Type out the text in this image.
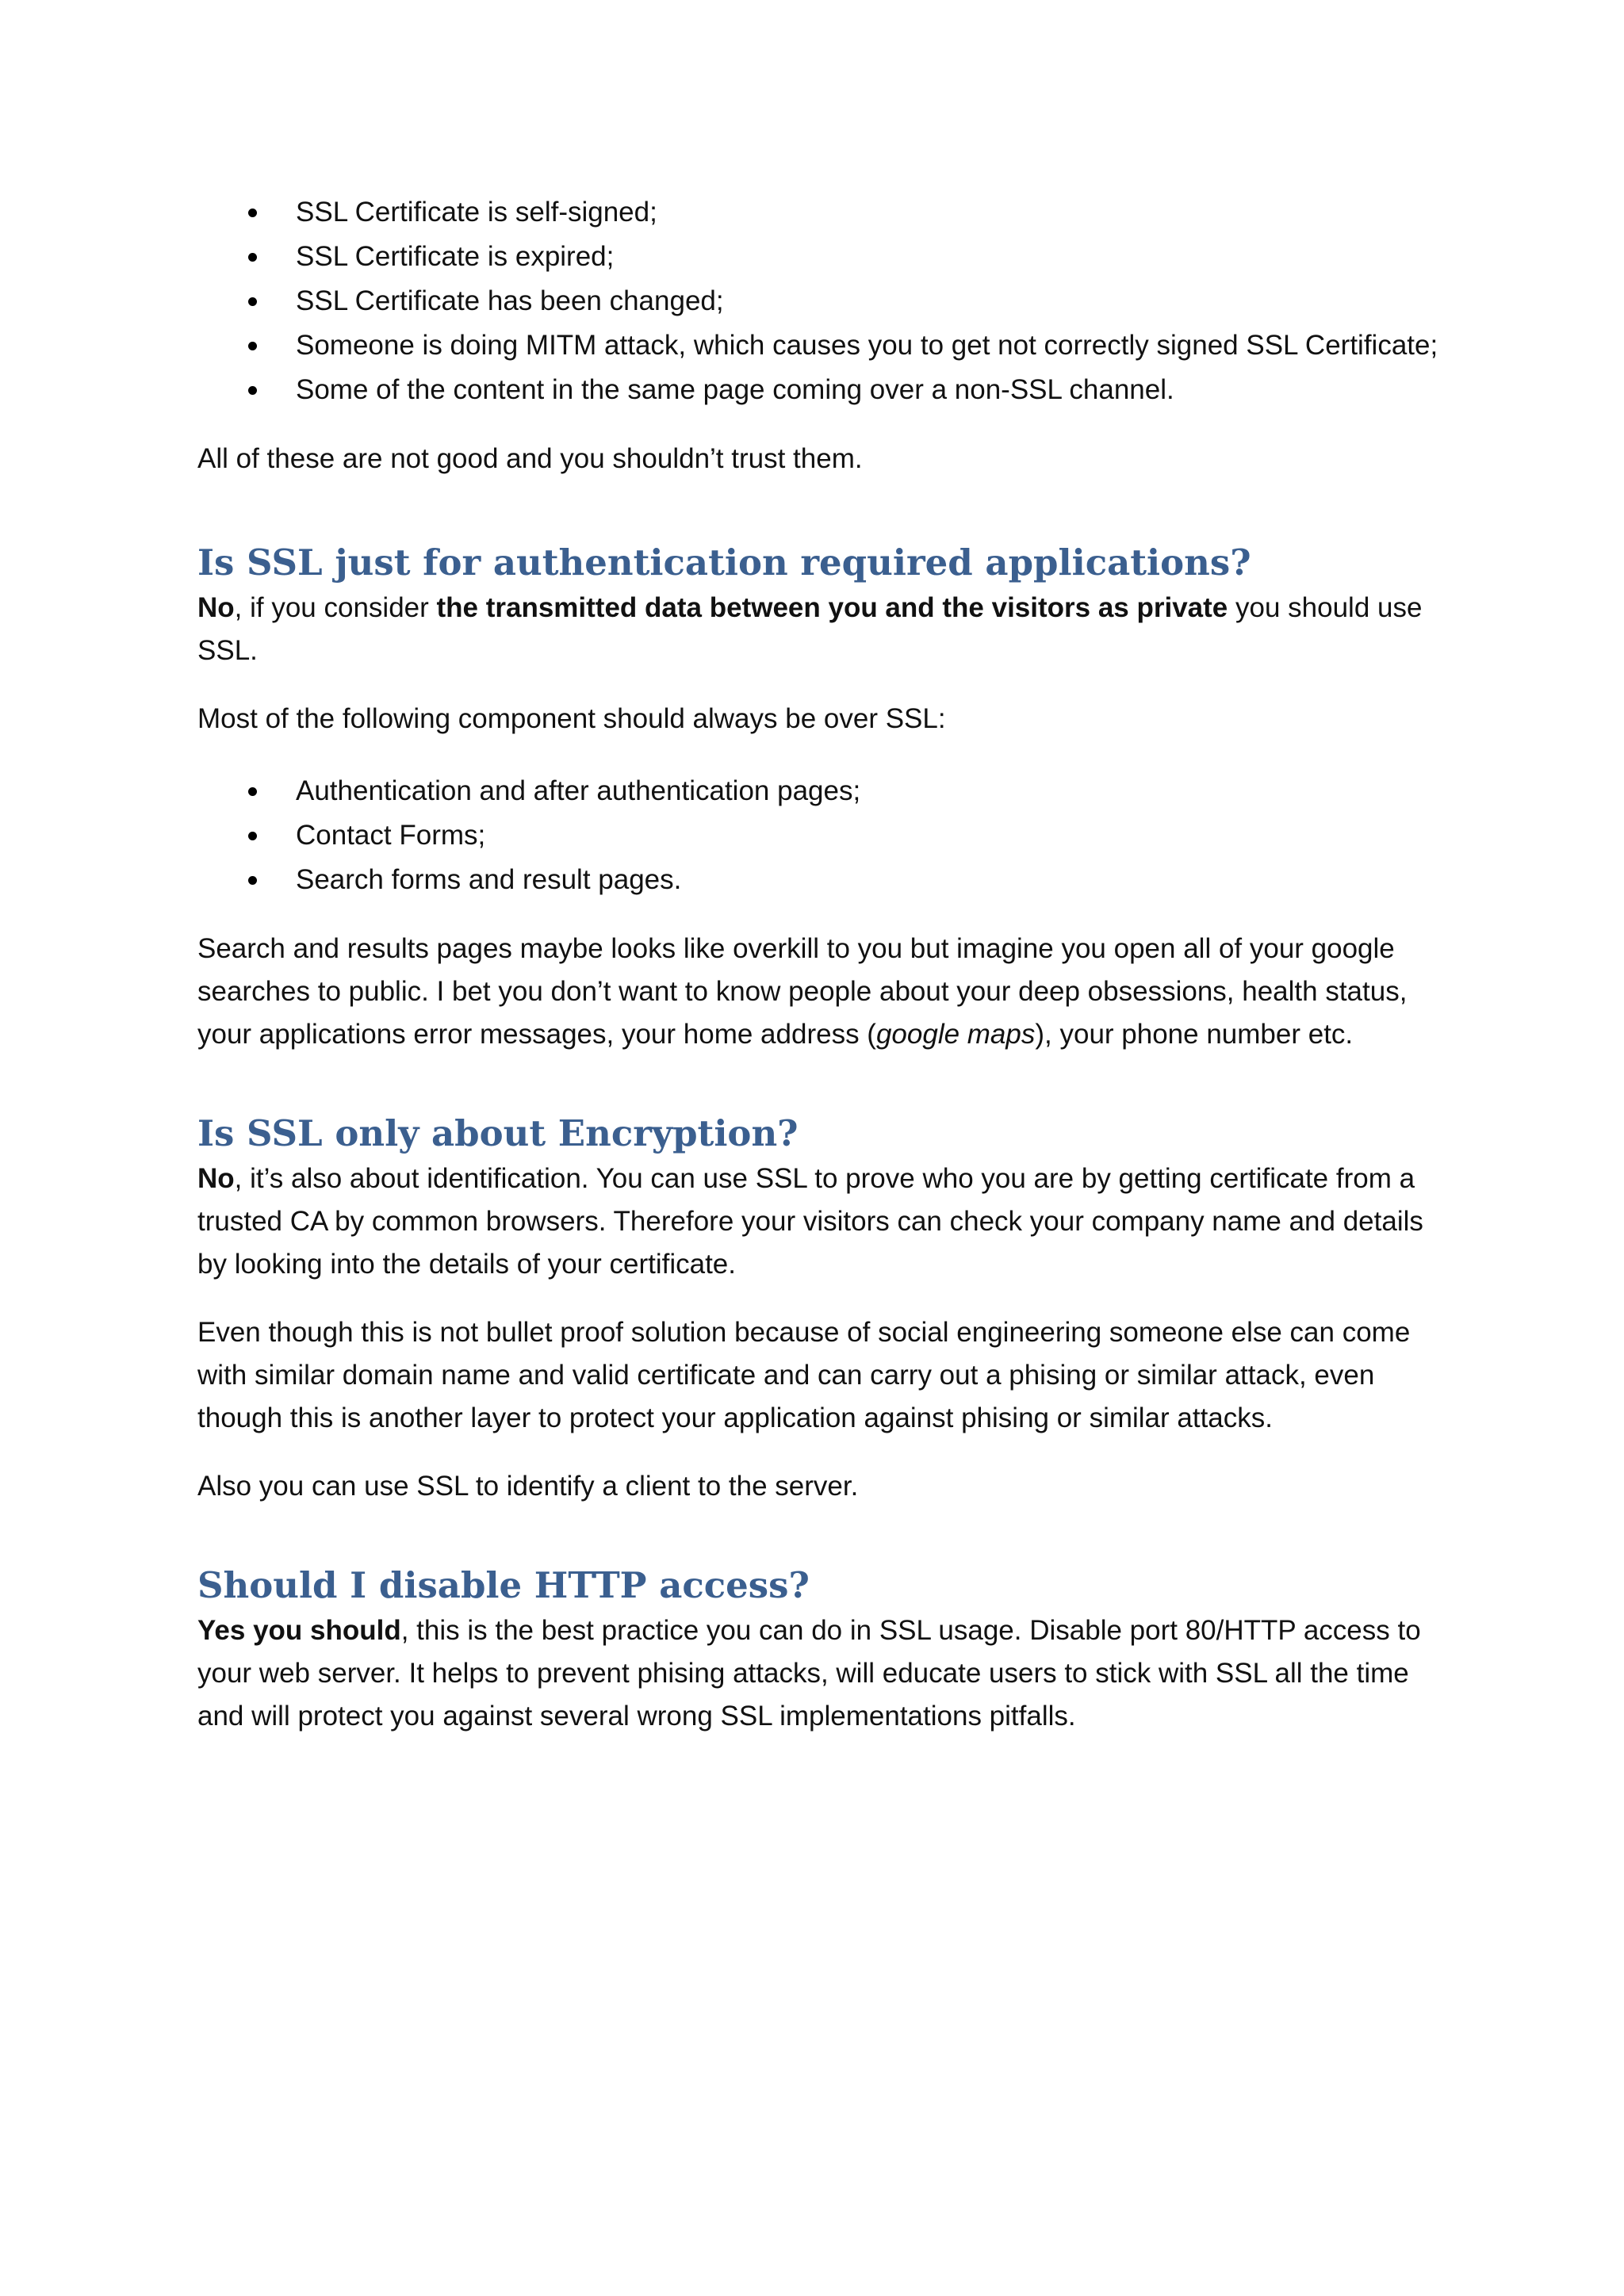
SSL Certificate is self-signed;
SSL Certificate is expired;
SSL Certificate has been changed;
Someone is doing MITM attack, which causes you to get not correctly signed SSL Certificate;
Some of the content in the same page coming over a non-SSL channel.

All of these are not good and you shouldn’t trust them.

Is SSL just for authentication required applications?

No, if you consider the transmitted data between you and the visitors as private you should use SSL.

Most of the following component should always be over SSL:

Authentication and after authentication pages;
Contact Forms;
Search forms and result pages.

Search and results pages maybe looks like overkill to you but imagine you open all of your google searches to public. I bet you don’t want to know people about your deep obsessions, health status, your applications error messages, your home address (google maps), your phone number etc.

Is SSL only about Encryption?

No, it’s also about identification. You can use SSL to prove who you are by getting certificate from a trusted CA by common browsers. Therefore your visitors can check your company name and details by looking into the details of your certificate.

Even though this is not bullet proof solution because of social engineering someone else can come with similar domain name and valid certificate and can carry out a phising or similar attack, even though this is another layer to protect your application against phising or similar attacks.

Also you can use SSL to identify a client to the server.

Should I disable HTTP access?

Yes you should, this is the best practice you can do in SSL usage. Disable port 80/HTTP access to your web server. It helps to prevent phising attacks, will educate users to stick with SSL all the time and will protect you against several wrong SSL implementations pitfalls.
